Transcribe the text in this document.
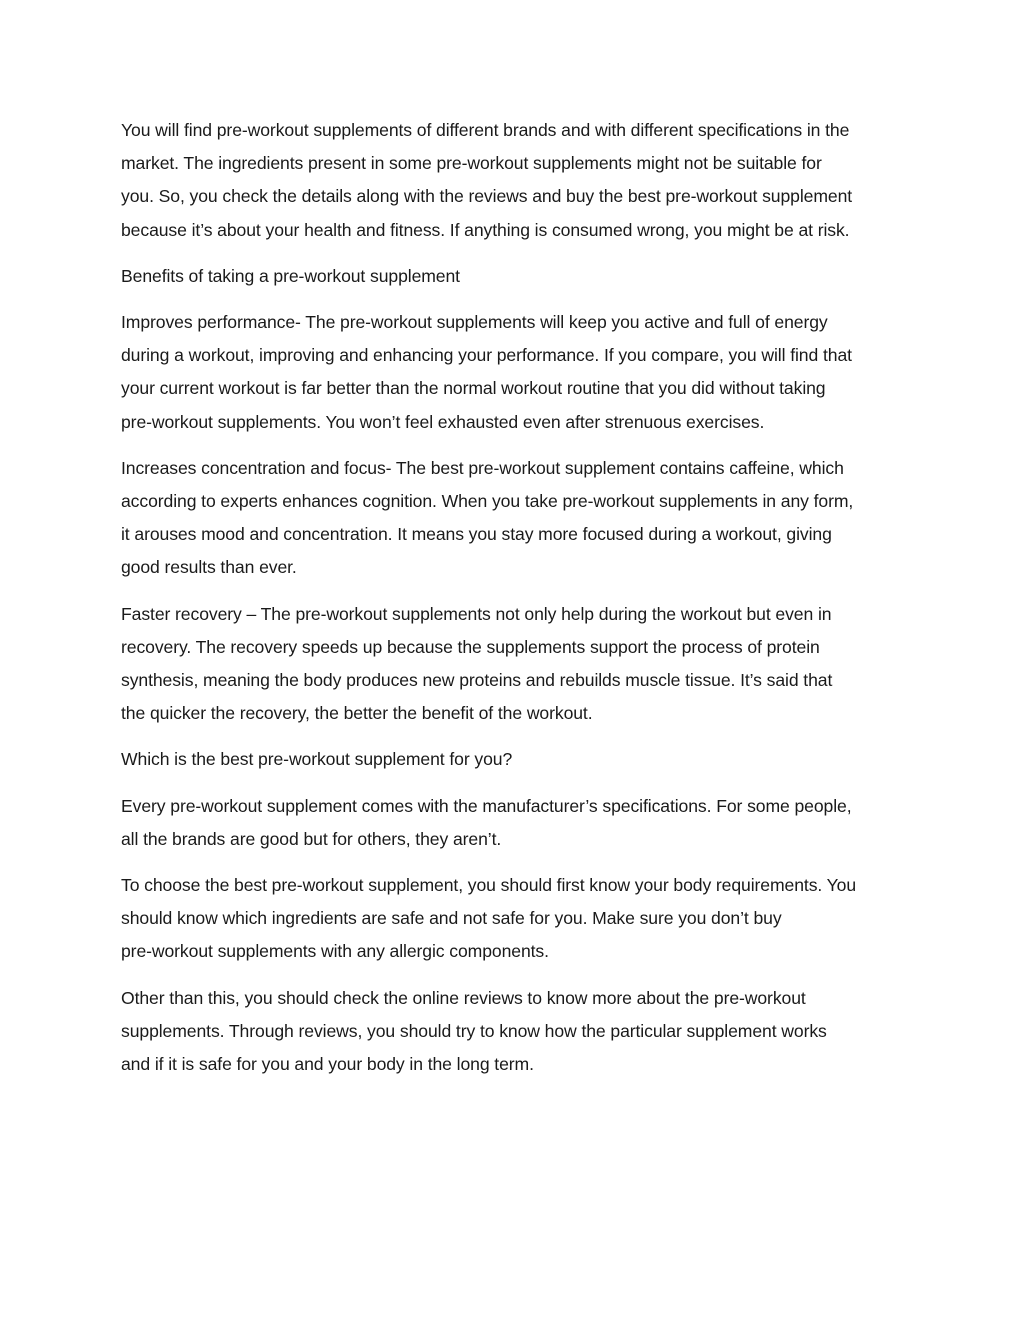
You will find pre-workout supplements of different brands and with different specifications in the
market. The ingredients present in some pre-workout supplements might not be suitable for
you. So, you check the details along with the reviews and buy the best pre-workout supplement
because it’s about your health and fitness. If anything is consumed wrong, you might be at risk.

Benefits of taking a pre-workout supplement

Improves performance- The pre-workout supplements will keep you active and full of energy
during a workout, improving and enhancing your performance. If you compare, you will find that
your current workout is far better than the normal workout routine that you did without taking
pre-workout supplements. You won’t feel exhausted even after strenuous exercises.

Increases concentration and focus- The best pre-workout supplement contains caffeine, which
according to experts enhances cognition. When you take pre-workout supplements in any form,
it arouses mood and concentration. It means you stay more focused during a workout, giving
good results than ever.

Faster recovery – The pre-workout supplements not only help during the workout but even in
recovery. The recovery speeds up because the supplements support the process of protein
synthesis, meaning the body produces new proteins and rebuilds muscle tissue. It’s said that
the quicker the recovery, the better the benefit of the workout.

Which is the best pre-workout supplement for you?

Every pre-workout supplement comes with the manufacturer’s specifications. For some people,
all the brands are good but for others, they aren’t.

To choose the best pre-workout supplement, you should first know your body requirements. You
should know which ingredients are safe and not safe for you. Make sure you don’t buy
pre-workout supplements with any allergic components.

Other than this, you should check the online reviews to know more about the pre-workout
supplements. Through reviews, you should try to know how the particular supplement works
and if it is safe for you and your body in the long term.
